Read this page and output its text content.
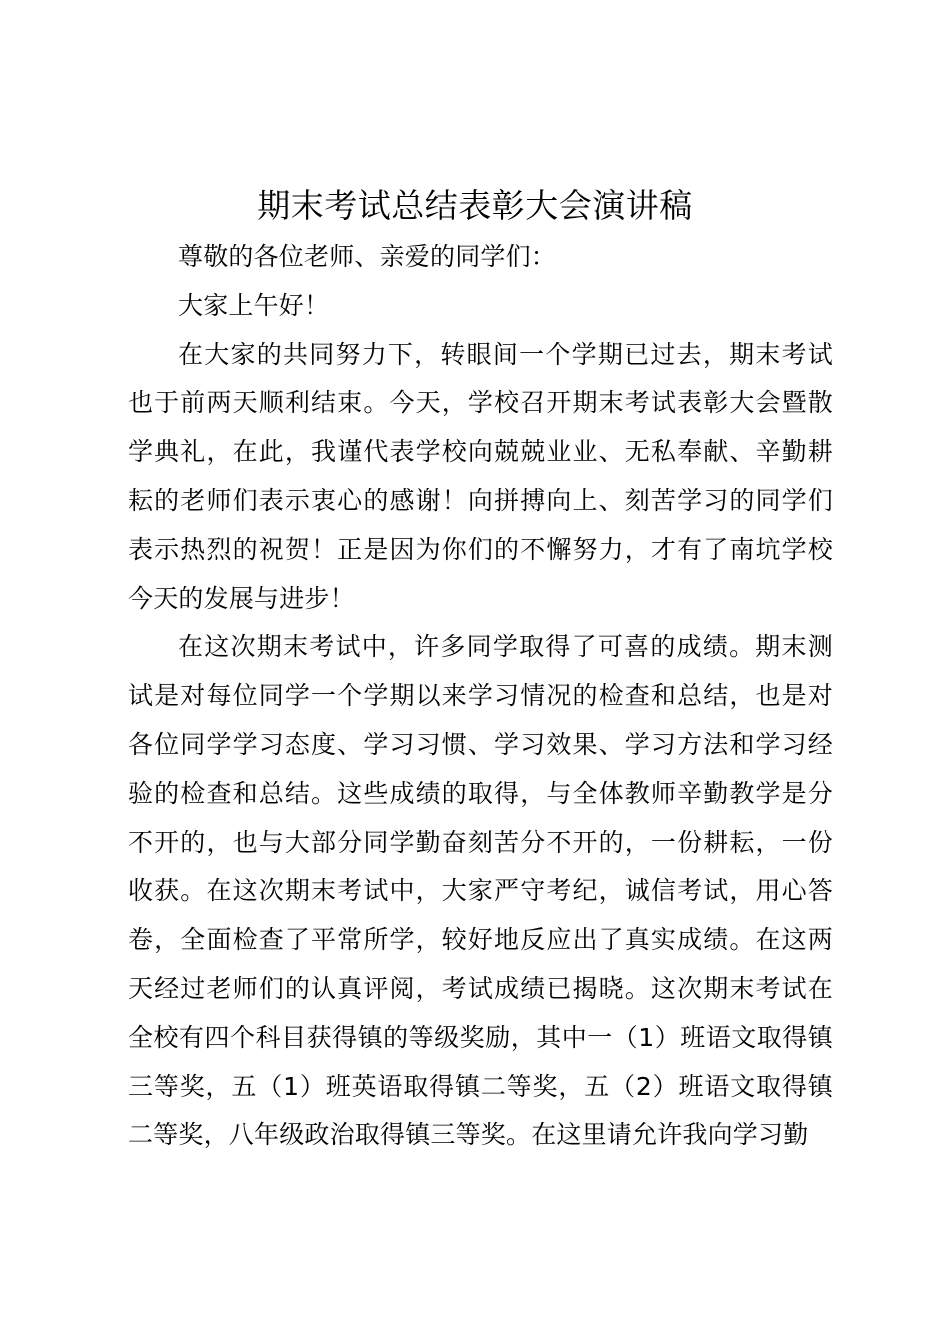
期末考试总结表彰大会演讲稿

尊敬的各位老师、亲爱的同学们：

大家上午好！

在大家的共同努力下，转眼间一个学期已过去，期末考试也于前两天顺利结束。今天，学校召开期末考试表彰大会暨散学典礼，在此，我谨代表学校向兢兢业业、无私奉献、辛勤耕耘的老师们表示衷心的感谢！向拼搏向上、刻苦学习的同学们表示热烈的祝贺！正是因为你们的不懈努力，才有了南坑学校今天的发展与进步！

在这次期末考试中，许多同学取得了可喜的成绩。期末测试是对每位同学一个学期以来学习情况的检查和总结，也是对各位同学学习态度、学习习惯、学习效果、学习方法和学习经验的检查和总结。这些成绩的取得，与全体教师辛勤教学是分不开的，也与大部分同学勤奋刻苦分不开的，一份耕耘，一份收获。在这次期末考试中，大家严守考纪，诚信考试，用心答卷，全面检查了平常所学，较好地反应出了真实成绩。在这两天经过老师们的认真评阅，考试成绩已揭晓。这次期末考试在全校有四个科目获得镇的等级奖励，其中一（1）班语文取得镇三等奖，五（1）班英语取得镇二等奖，五（2）班语文取得镇二等奖，八年级政治取得镇三等奖。在这里请允许我向学习勤
